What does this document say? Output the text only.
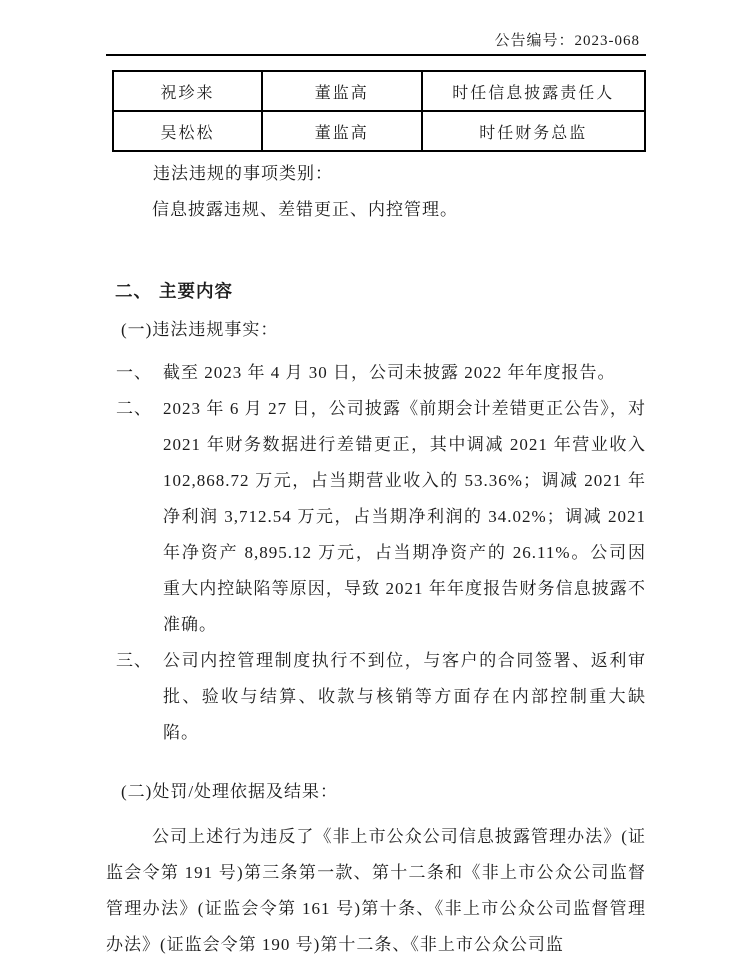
公告编号：2023-068
祝珍来	董监高	时任信息披露责任人
吴松松	董监高	时任财务总监
违法违规的事项类别：
信息披露违规、差错更正、内控管理。
二、 主要内容
(一)违法违规事实：
一、 截至 2023 年 4 月 30 日，公司未披露 2022 年年度报告。
二、 2023 年 6 月 27 日，公司披露《前期会计差错更正公告》，对 2021 年财务数据进行差错更正，其中调减 2021 年营业收入 102,868.72 万元，占当期营业收入的 53.36%；调减 2021 年净利润 3,712.54 万元，占当期净利润的 34.02%；调减 2021 年净资产 8,895.12 万元，占当期净资产的 26.11%。公司因重大内控缺陷等原因，导致 2021 年年度报告财务信息披露不准确。
三、 公司内控管理制度执行不到位，与客户的合同签署、返利审批、验收与结算、收款与核销等方面存在内部控制重大缺陷。
(二)处罚/处理依据及结果：
公司上述行为违反了《非上市公众公司信息披露管理办法》(证监会令第 191 号)第三条第一款、第十二条和《非上市公众公司监督管理办法》(证监会令第 161 号)第十条、《非上市公众公司监督管理办法》(证监会令第 190 号)第十二条、《非上市公众公司监
